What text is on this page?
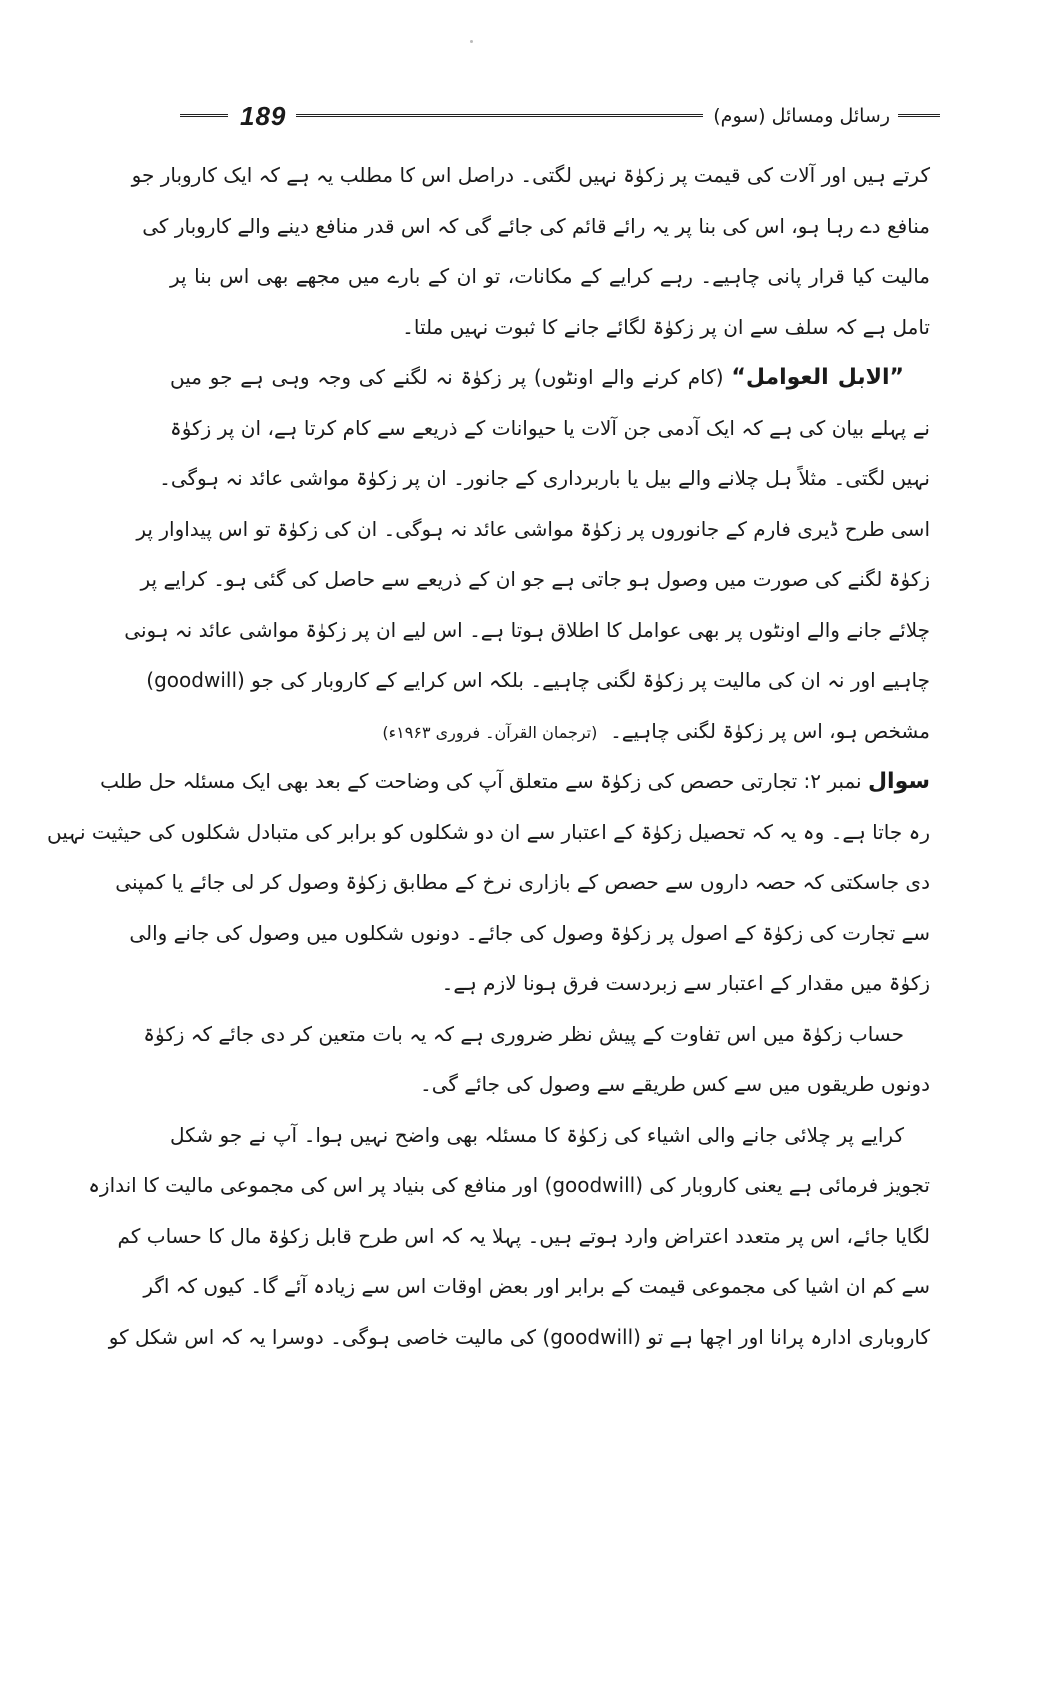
189	رسائل ومسائل (سوم)
کرتے ہیں اور آلات کی قیمت پر زکوٰۃ نہیں لگتی۔ دراصل اس کا مطلب یہ ہے کہ ایک کاروبار جو
منافع دے رہا ہو، اس کی بنا پر یہ رائے قائم کی جائے گی کہ اس قدر منافع دینے والے کاروبار کی
مالیت کیا قرار پانی چاہیے۔ رہے کرایے کے مکانات، تو ان کے بارے میں مجھے بھی اس بنا پر
تامل ہے کہ سلف سے ان پر زکوٰۃ لگائے جانے کا ثبوت نہیں ملتا۔
”الابل العوامل“ (کام کرنے والے اونٹوں) پر زکوٰۃ نہ لگنے کی وجہ وہی ہے جو میں
نے پہلے بیان کی ہے کہ ایک آدمی جن آلات یا حیوانات کے ذریعے سے کام کرتا ہے، ان پر زکوٰۃ
نہیں لگتی۔ مثلاً ہل چلانے والے بیل یا باربرداری کے جانور۔ ان پر زکوٰۃ مواشی عائد نہ ہوگی۔
اسی طرح ڈیری فارم کے جانوروں پر زکوٰۃ مواشی عائد نہ ہوگی۔ ان کی زکوٰۃ تو اس پیداوار پر
زکوٰۃ لگنے کی صورت میں وصول ہو جاتی ہے جو ان کے ذریعے سے حاصل کی گئی ہو۔ کرایے پر
چلائے جانے والے اونٹوں پر بھی عوامل کا اطلاق ہوتا ہے۔ اس لیے ان پر زکوٰۃ مواشی عائد نہ ہونی
چاہیے اور نہ ان کی مالیت پر زکوٰۃ لگنی چاہیے۔ بلکہ اس کرایے کے کاروبار کی جو (goodwill)
مشخص ہو، اس پر زکوٰۃ لگنی چاہیے۔  (ترجمان القرآن۔ فروری ۱۹۶۳ء)
سوال نمبر ۲: تجارتی حصص کی زکوٰۃ سے متعلق آپ کی وضاحت کے بعد بھی ایک مسئلہ حل طلب
رہ جاتا ہے۔ وہ یہ کہ تحصیل زکوٰۃ کے اعتبار سے ان دو شکلوں کو برابر کی متبادل شکلوں کی حیثیت نہیں
دی جاسکتی کہ حصہ داروں سے حصص کے بازاری نرخ کے مطابق زکوٰۃ وصول کر لی جائے یا کمپنی
سے تجارت کی زکوٰۃ کے اصول پر زکوٰۃ وصول کی جائے۔ دونوں شکلوں میں وصول کی جانے والی
زکوٰۃ میں مقدار کے اعتبار سے زبردست فرق ہونا لازم ہے۔
حساب زکوٰۃ میں اس تفاوت کے پیش نظر ضروری ہے کہ یہ بات متعین کر دی جائے کہ زکوٰۃ
دونوں طریقوں میں سے کس طریقے سے وصول کی جائے گی۔
کرایے پر چلائی جانے والی اشیاء کی زکوٰۃ کا مسئلہ بھی واضح نہیں ہوا۔ آپ نے جو شکل
تجویز فرمائی ہے یعنی کاروبار کی (goodwill) اور منافع کی بنیاد پر اس کی مجموعی مالیت کا اندازہ
لگایا جائے، اس پر متعدد اعتراض وارد ہوتے ہیں۔ پہلا یہ کہ اس طرح قابل زکوٰۃ مال کا حساب کم
سے کم ان اشیا کی مجموعی قیمت کے برابر اور بعض اوقات اس سے زیادہ آئے گا۔ کیوں کہ اگر
کاروباری ادارہ پرانا اور اچھا ہے تو (goodwill) کی مالیت خاصی ہوگی۔ دوسرا یہ کہ اس شکل کو
